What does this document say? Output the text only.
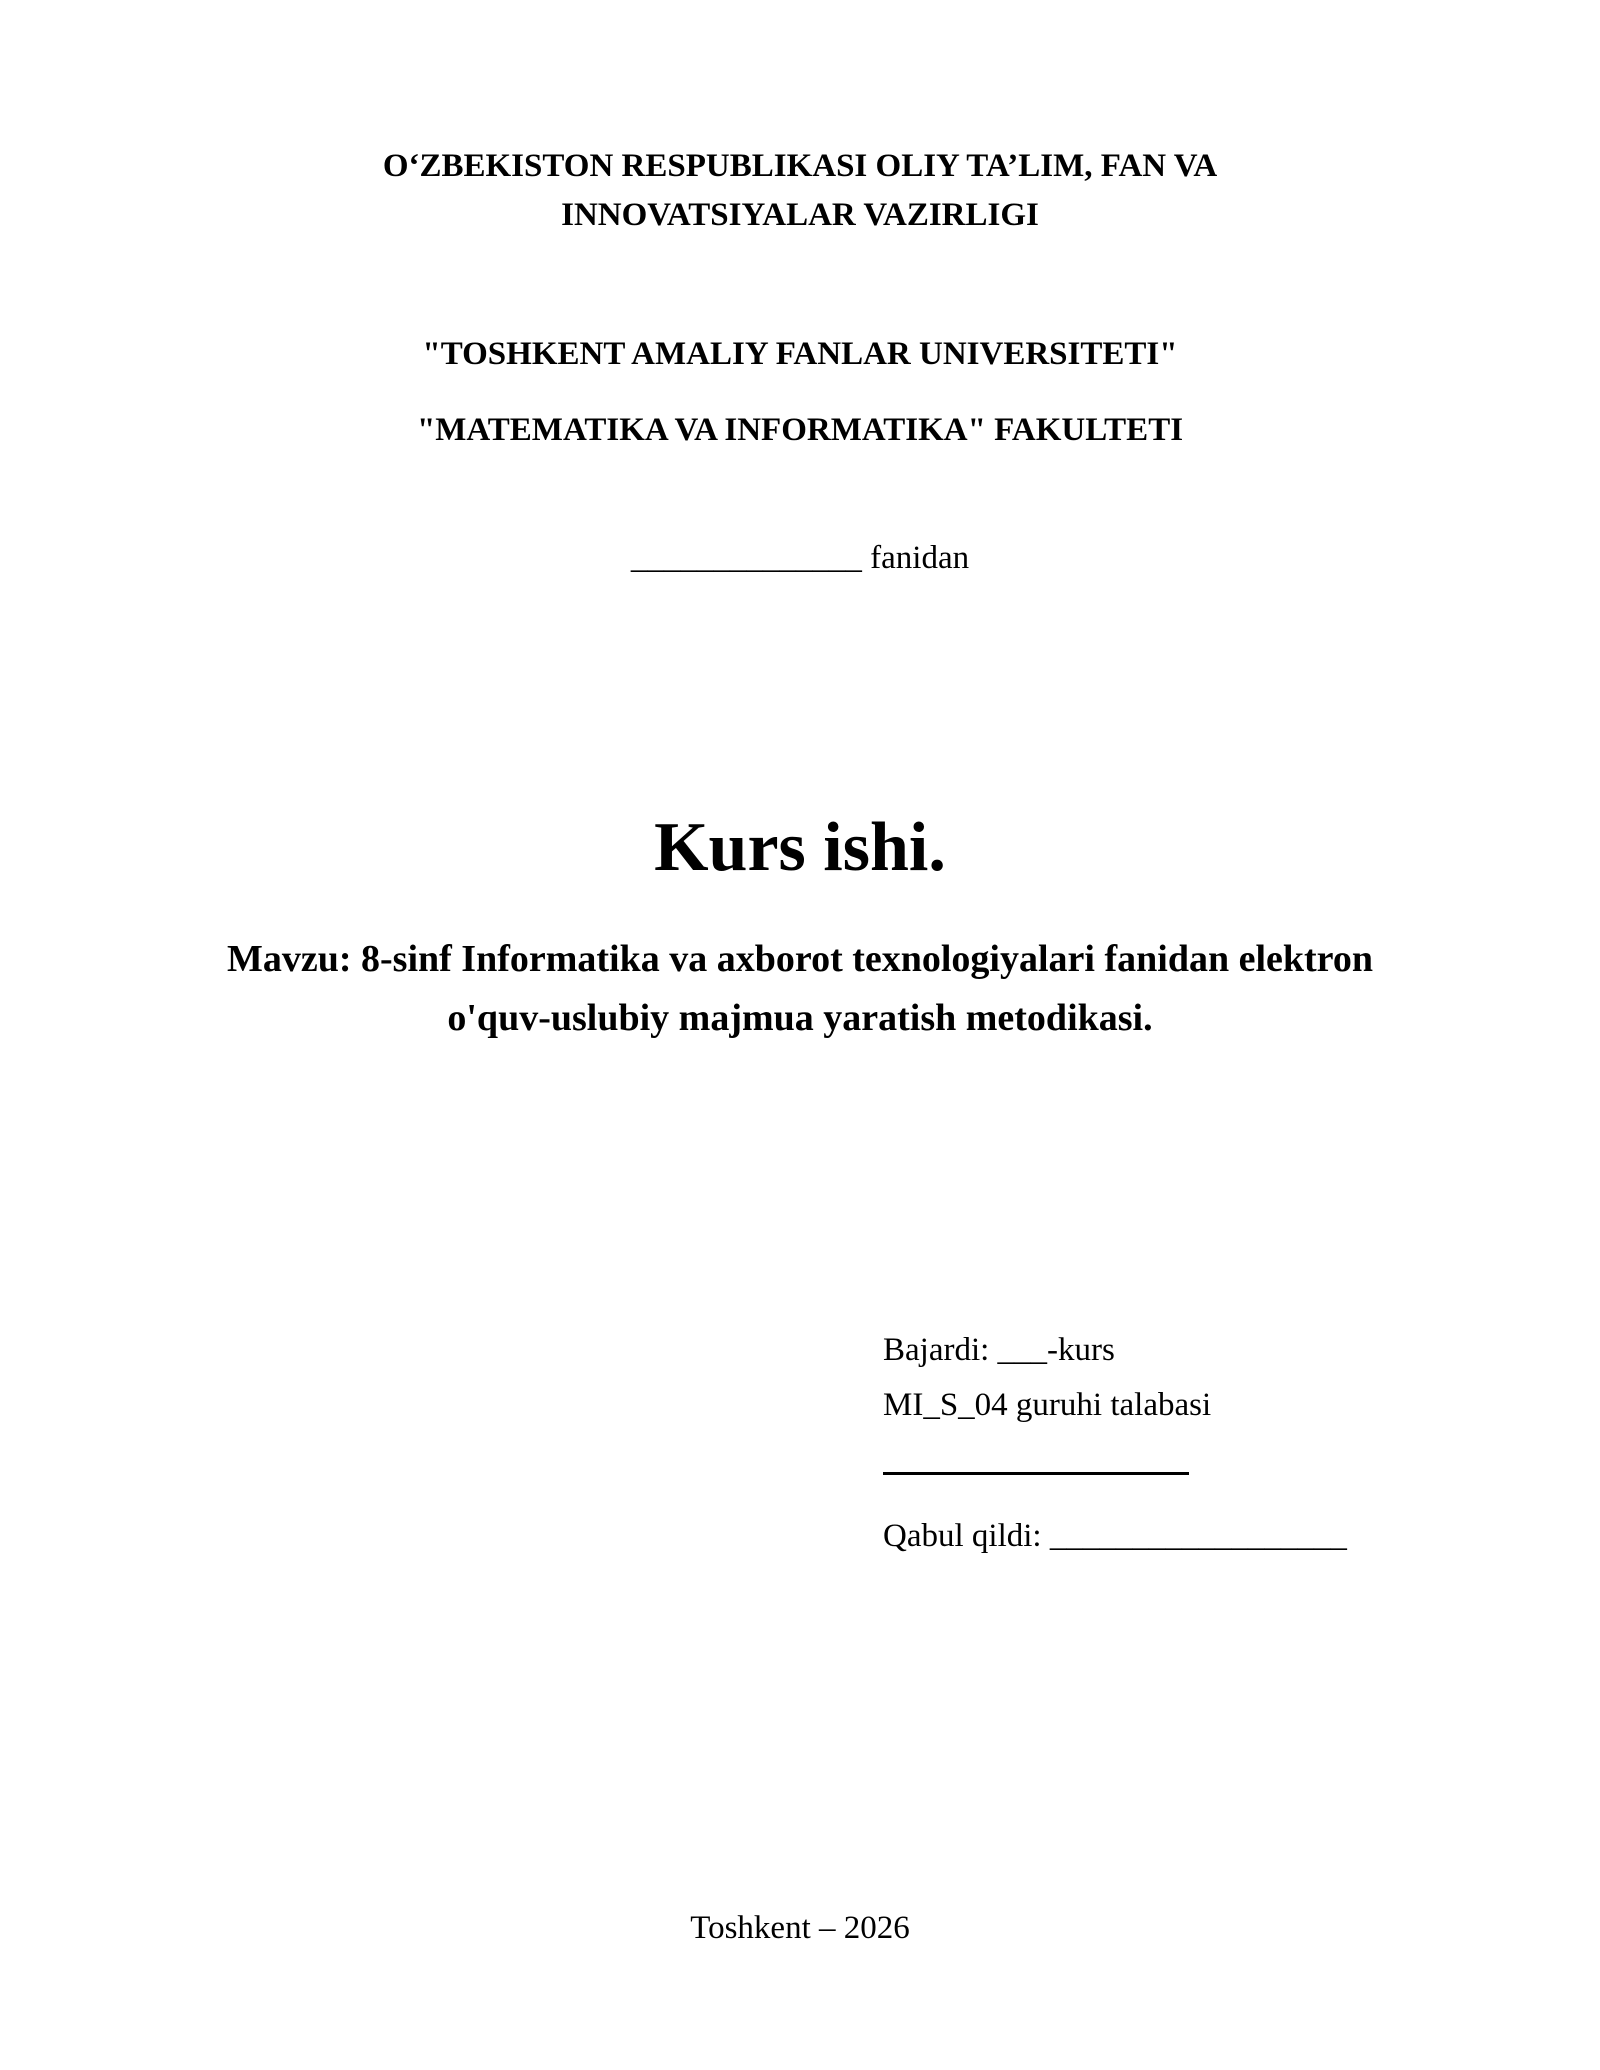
O‘ZBEKISTON RESPUBLIKASI OLIY TA’LIM, FAN VA
INNOVATSIYALAR VAZIRLIGI
"TOSHKENT AMALIY FANLAR UNIVERSITETI"
"MATEMATIKA VA INFORMATIKA" FAKULTETI
______________ fanidan
Kurs ishi.
Mavzu: 8-sinf Informatika va axborot texnologiyalari fanidan elektron
o'quv-uslubiy majmua yaratish metodikasi.
Bajardi: ___-kurs
MI_S_04 guruhi talabasi
Qabul qildi: __________________
Toshkent – 2026
